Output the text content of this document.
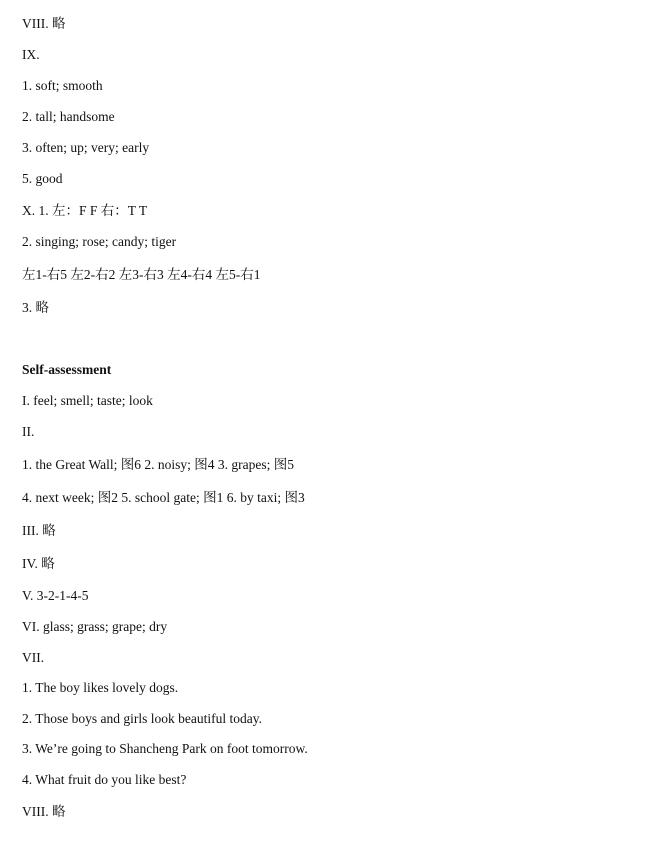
VIII. 略
IX.
1. soft; smooth
2. tall; handsome
3. often; up; very; early
5. good
X. 1. 左：F F 右：T T
2. singing; rose; candy; tiger
左1-右5 左2-右2 左3-右3 左4-右4 左5-右1
3. 略
Self-assessment
I. feel; smell; taste; look
II.
1. the Great Wall; 图6 2. noisy; 图4 3. grapes; 图5
4. next week; 图2 5. school gate; 图1 6. by taxi; 图3
III. 略
IV. 略
V. 3-2-1-4-5
VI. glass; grass; grape; dry
VII.
1. The boy likes lovely dogs.
2. Those boys and girls look beautiful today.
3. We’re going to Shancheng Park on foot tomorrow.
4. What fruit do you like best?
VIII. 略
